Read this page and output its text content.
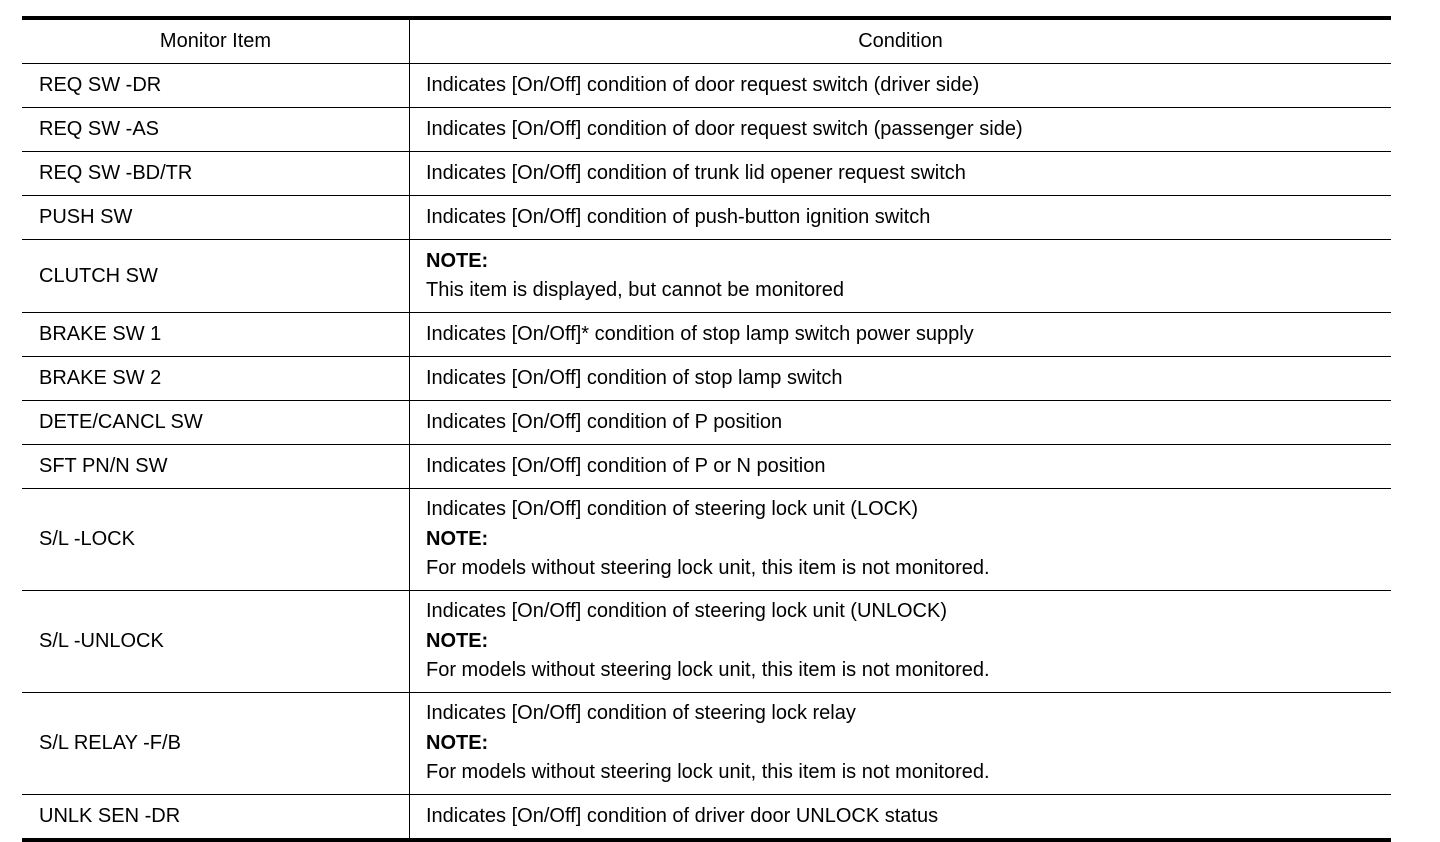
Monitor Item	Condition
REQ SW -DR	Indicates [On/Off] condition of door request switch (driver side)

REQ SW -AS	Indicates [On/Off] condition of door request switch (passenger side)

REQ SW -BD/TR	Indicates [On/Off] condition of trunk lid opener request switch

PUSH SW	Indicates [On/Off] condition of push-button ignition switch

CLUTCH SW	NOTE:
This item is displayed, but cannot be monitored

BRAKE SW 1	Indicates [On/Off]* condition of stop lamp switch power supply

BRAKE SW 2	Indicates [On/Off] condition of stop lamp switch

DETE/CANCL SW	Indicates [On/Off] condition of P position

SFT PN/N SW	Indicates [On/Off] condition of P or N position

S/L -LOCK	Indicates [On/Off] condition of steering lock unit (LOCK)
NOTE:
For models without steering lock unit, this item is not monitored.

S/L -UNLOCK	Indicates [On/Off] condition of steering lock unit (UNLOCK)
NOTE:
For models without steering lock unit, this item is not monitored.

S/L RELAY -F/B	Indicates [On/Off] condition of steering lock relay
NOTE:
For models without steering lock unit, this item is not monitored.

UNLK SEN -DR	Indicates [On/Off] condition of driver door UNLOCK status
